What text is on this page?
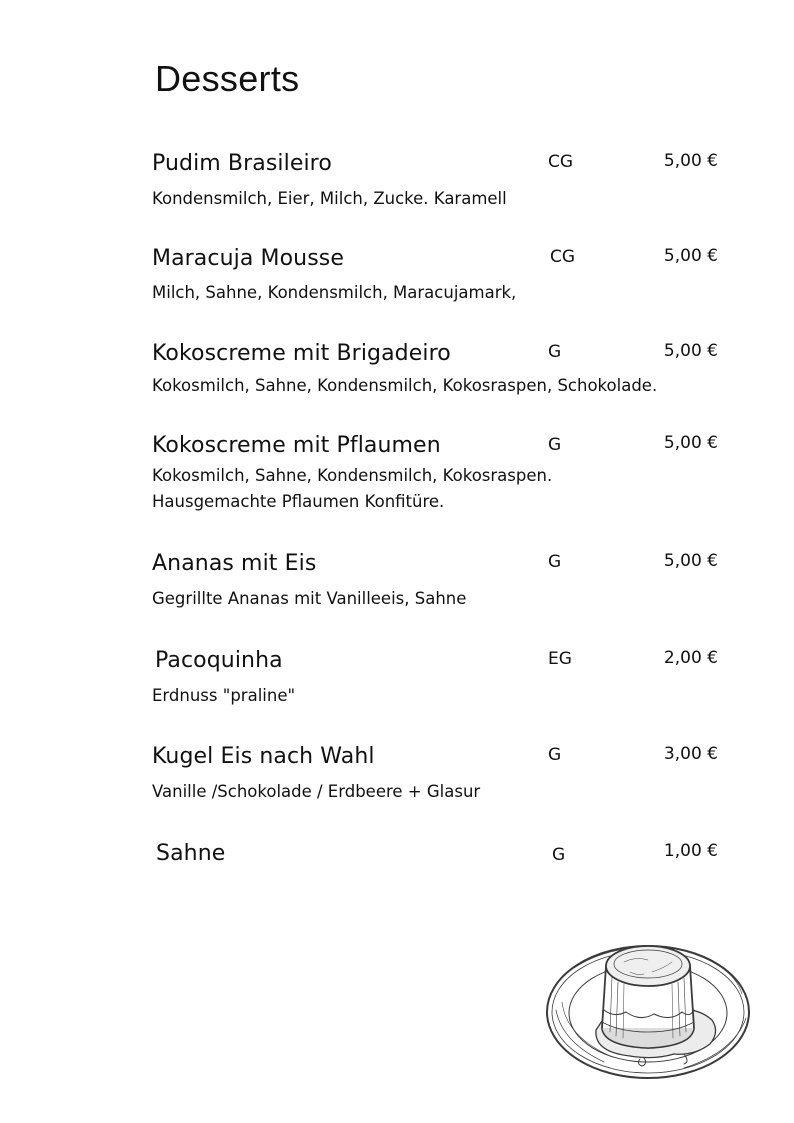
Desserts
Pudim Brasileiro	CG	5,00 €
Kondensmilch, Eier, Milch, Zucke. Karamell
Maracuja Mousse	CG	5,00 €
Milch, Sahne, Kondensmilch, Maracujamark,
Kokoscreme mit Brigadeiro	G	5,00 €
Kokosmilch, Sahne, Kondensmilch, Kokosraspen, Schokolade.
Kokoscreme mit Pflaumen	G	5,00 €
Kokosmilch, Sahne, Kondensmilch, Kokosraspen.
Hausgemachte Pflaumen Konfitüre.
Ananas mit Eis	G	5,00 €
Gegrillte Ananas mit Vanilleeis, Sahne
Pacoquinha	EG	2,00 €
Erdnuss "praline"
Kugel Eis nach Wahl	G	3,00 €
Vanille /Schokolade / Erdbeere + Glasur
Sahne	G	1,00 €
